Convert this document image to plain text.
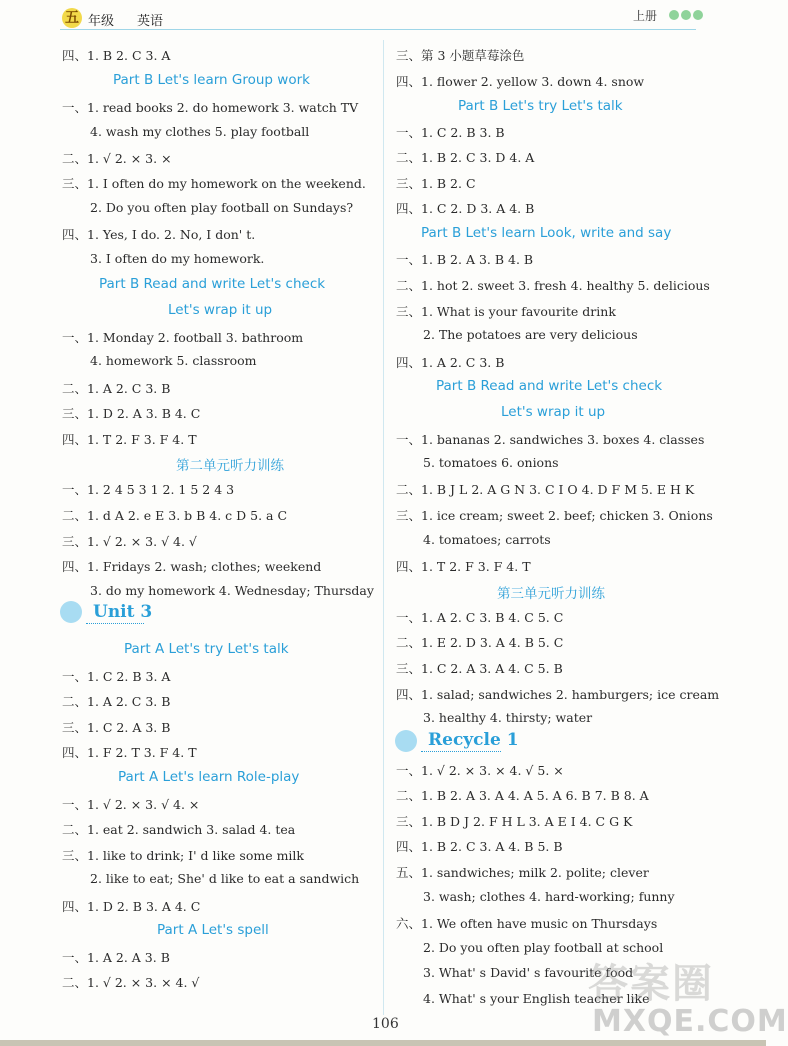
五 年级 英语	上册
四、1. B 2. C 3. A
Part B Let's learn Group work
一、1. read books 2. do homework 3. watch TV
4. wash my clothes 5. play football
二、1. √ 2. × 3. ×
三、1. I often do my homework on the weekend.
2. Do you often play football on Sundays?
四、1. Yes, I do. 2. No, I don' t.
3. I often do my homework.
Part B Read and write Let's check
Let's wrap it up
一、1. Monday 2. football 3. bathroom
4. homework 5. classroom
二、1. A 2. C 3. B
三、1. D 2. A 3. B 4. C
四、1. T 2. F 3. F 4. T
第二单元听力训练
一、1. 2 4 5 3 1 2. 1 5 2 4 3
二、1. d A 2. e E 3. b B 4. c D 5. a C
三、1. √ 2. × 3. √ 4. √
四、1. Fridays 2. wash; clothes; weekend
3. do my homework 4. Wednesday; Thursday
Unit 3
Part A Let's try Let's talk
一、1. C 2. B 3. A
二、1. A 2. C 3. B
三、1. C 2. A 3. B
四、1. F 2. T 3. F 4. T
Part A Let's learn Role-play
一、1. √ 2. × 3. √ 4. ×
二、1. eat 2. sandwich 3. salad 4. tea
三、1. like to drink; I' d like some milk
2. like to eat; She' d like to eat a sandwich
四、1. D 2. B 3. A 4. C
Part A Let's spell
一、1. A 2. A 3. B
二、1. √ 2. × 3. × 4. √
三、第 3 小题草莓涂色
四、1. flower 2. yellow 3. down 4. snow
Part B Let's try Let's talk
一、1. C 2. B 3. B
二、1. B 2. C 3. D 4. A
三、1. B 2. C
四、1. C 2. D 3. A 4. B
Part B Let's learn Look, write and say
一、1. B 2. A 3. B 4. B
二、1. hot 2. sweet 3. fresh 4. healthy 5. delicious
三、1. What is your favourite drink
2. The potatoes are very delicious
四、1. A 2. C 3. B
Part B Read and write Let's check
Let's wrap it up
一、1. bananas 2. sandwiches 3. boxes 4. classes
5. tomatoes 6. onions
二、1. B J L 2. A G N 3. C I O 4. D F M 5. E H K
三、1. ice cream; sweet 2. beef; chicken 3. Onions
4. tomatoes; carrots
四、1. T 2. F 3. F 4. T
第三单元听力训练
一、1. A 2. C 3. B 4. C 5. C
二、1. E 2. D 3. A 4. B 5. C
三、1. C 2. A 3. A 4. C 5. B
四、1. salad; sandwiches 2. hamburgers; ice cream
3. healthy 4. thirsty; water
Recycle 1
一、1. √ 2. × 3. × 4. √ 5. ×
二、1. B 2. A 3. A 4. A 5. A 6. B 7. B 8. A
三、1. B D J 2. F H L 3. A E I 4. C G K
四、1. B 2. C 3. A 4. B 5. B
五、1. sandwiches; milk 2. polite; clever
3. wash; clothes 4. hard-working; funny
六、1. We often have music on Thursdays
2. Do you often play football at school
3. What' s David' s favourite food
4. What' s your English teacher like
106
答案圈
MXQE.COM
